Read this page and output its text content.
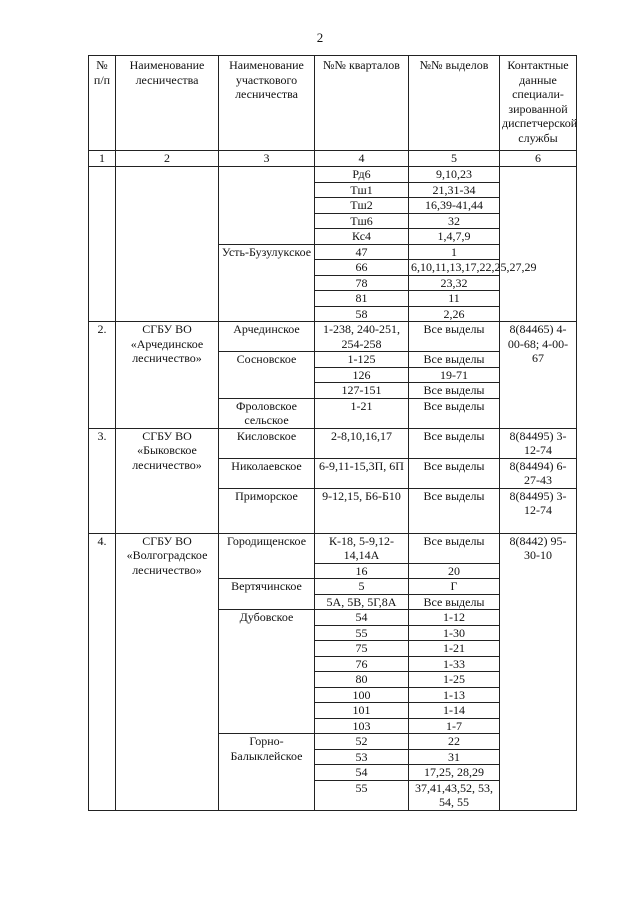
2
№ п/п	Наименование лесничества	Наименование участкового лесничества	№№ кварталов	№№ выделов	Контактные данные специали-зированной диспетчерской службы
1	2	3	4	5	6
			Рд6	9,10,23	
			Тш1	21,31-34	
			Тш2	16,39-41,44	
			Тш6	32	
			Кс4	1,4,7,9	
		Усть-Бузулукское	47	1	
			66	6,10,11,13,17,22,25,27,29	
			78	23,32	
			81	11	
			58	2,26	
2.	СГБУ ВО «Арчединское лесничество»	Арчединское	1-238, 240-251, 254-258	Все выделы	8(84465) 4-00-68; 4-00-67
		Сосновское	1-125	Все выделы	
			126	19-71	
			127-151	Все выделы	
		Фроловское сельское	1-21	Все выделы	
3.	СГБУ ВО «Быковское лесничество»	Кисловское	2-8,10,16,17	Все выделы	8(84495) 3-12-74
		Николаевское	6-9,11-15,3П, 6П	Все выделы	8(84494) 6-27-43
		Приморское	9-12,15, Б6-Б10	Все выделы	8(84495) 3-12-74
4.	СГБУ ВО «Волгоградское лесничество»	Городищенское	К-18, 5-9,12-14,14А	Все выделы	8(8442) 95-30-10
			16	20	
		Вертячинское	5	Г	
			5А, 5В, 5Г,8А	Все выделы	
		Дубовское	54	1-12	
			55	1-30	
			75	1-21	
			76	1-33	
			80	1-25	
			100	1-13	
			101	1-14	
			103	1-7	
		Горно-Балыклейское	52	22	
			53	31	
			54	17,25, 28,29	
			55	37,41,43,52, 53, 54, 55	
